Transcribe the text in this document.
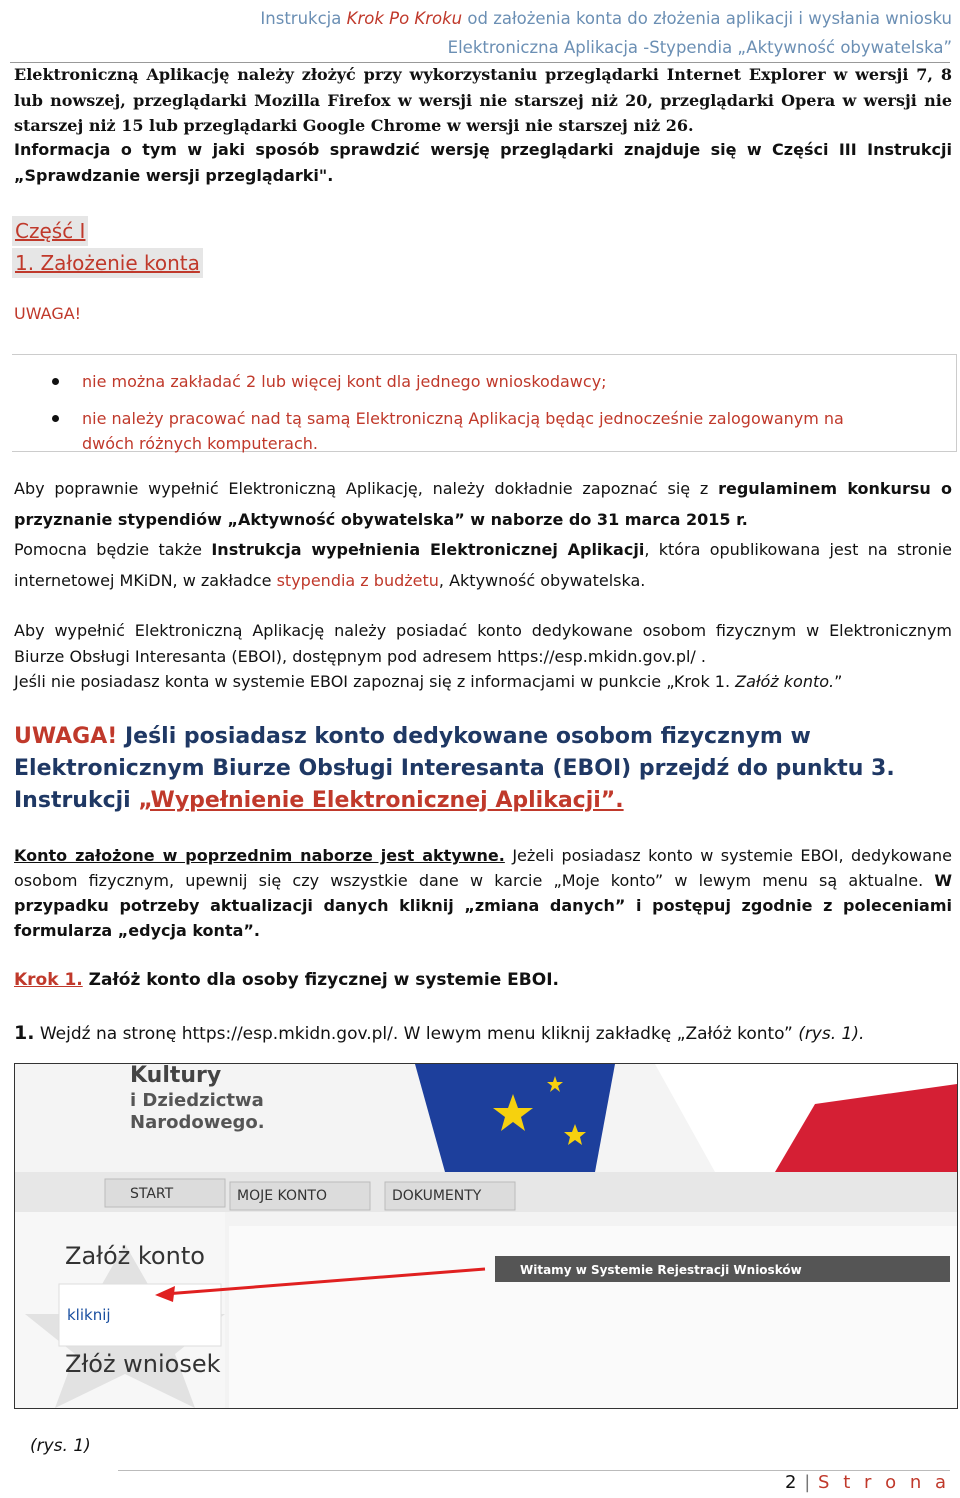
Instrukcja Krok Po Kroku od założenia konta do złożenia aplikacji i wysłania wniosku
Elektroniczna Aplikacja -Stypendia „Aktywność obywatelska”
Elektroniczną Aplikację należy złożyć przy wykorzystaniu przeglądarki Internet Explorer w wersji 7, 8 lub nowszej, przeglądarki Mozilla Firefox w wersji nie starszej niż 20, przeglądarki Opera w wersji nie starszej niż 15 lub przeglądarki Google Chrome w wersji nie starszej niż 26.
Informacja o tym w jaki sposób sprawdzić wersję przeglądarki znajduje się w Części III Instrukcji „Sprawdzanie wersji przeglądarki".
Część I
1. Założenie konta
UWAGA!
nie można zakładać 2 lub więcej kont dla jednego wnioskodawcy;
nie należy pracować nad tą samą Elektroniczną Aplikacją będąc jednocześnie zalogowanym na dwóch różnych komputerach.
Aby poprawnie wypełnić Elektroniczną Aplikację, należy dokładnie zapoznać się z regulaminem konkursu o przyznanie stypendiów „Aktywność obywatelska” w naborze do 31 marca 2015 r.
Pomocna będzie także Instrukcja wypełnienia Elektronicznej Aplikacji, która opublikowana jest na stronie internetowej MKiDN, w zakładce stypendia z budżetu, Aktywność obywatelska.
Aby wypełnić Elektroniczną Aplikację należy posiadać konto dedykowane osobom fizycznym w Elektronicznym Biurze Obsługi Interesanta (EBOI), dostępnym pod adresem https://esp.mkidn.gov.pl/ .
Jeśli nie posiadasz konta w systemie EBOI zapoznaj się z informacjami w punkcie „Krok 1. Załóż konto.”
UWAGA! Jeśli posiadasz konto dedykowane osobom fizycznym w Elektronicznym Biurze Obsługi Interesanta (EBOI) przejdź do punktu 3. Instrukcji „Wypełnienie Elektronicznej Aplikacji”.
Konto założone w poprzednim naborze jest aktywne. Jeżeli posiadasz konto w systemie EBOI, dedykowane osobom fizycznym, upewnij się czy wszystkie dane w karcie „Moje konto” w lewym menu są aktualne. W przypadku potrzeby aktualizacji danych kliknij „zmiana danych” i postępuj zgodnie z poleceniami formularza „edycja konta”.
Krok 1. Załóż konto dla osoby fizycznej w systemie EBOI.
1. Wejdź na stronę https://esp.mkidn.gov.pl/. W lewym menu kliknij zakładkę „Załóż konto” (rys. 1).
Kultury
i Dziedzictwa
Narodowego.
START	MOJE KONTO	DOKUMENTY
Załóż konto
kliknij
Złóż wniosek
Witamy w Systemie Rejestracji Wniosków
(rys. 1)
2 | S t r o n a
